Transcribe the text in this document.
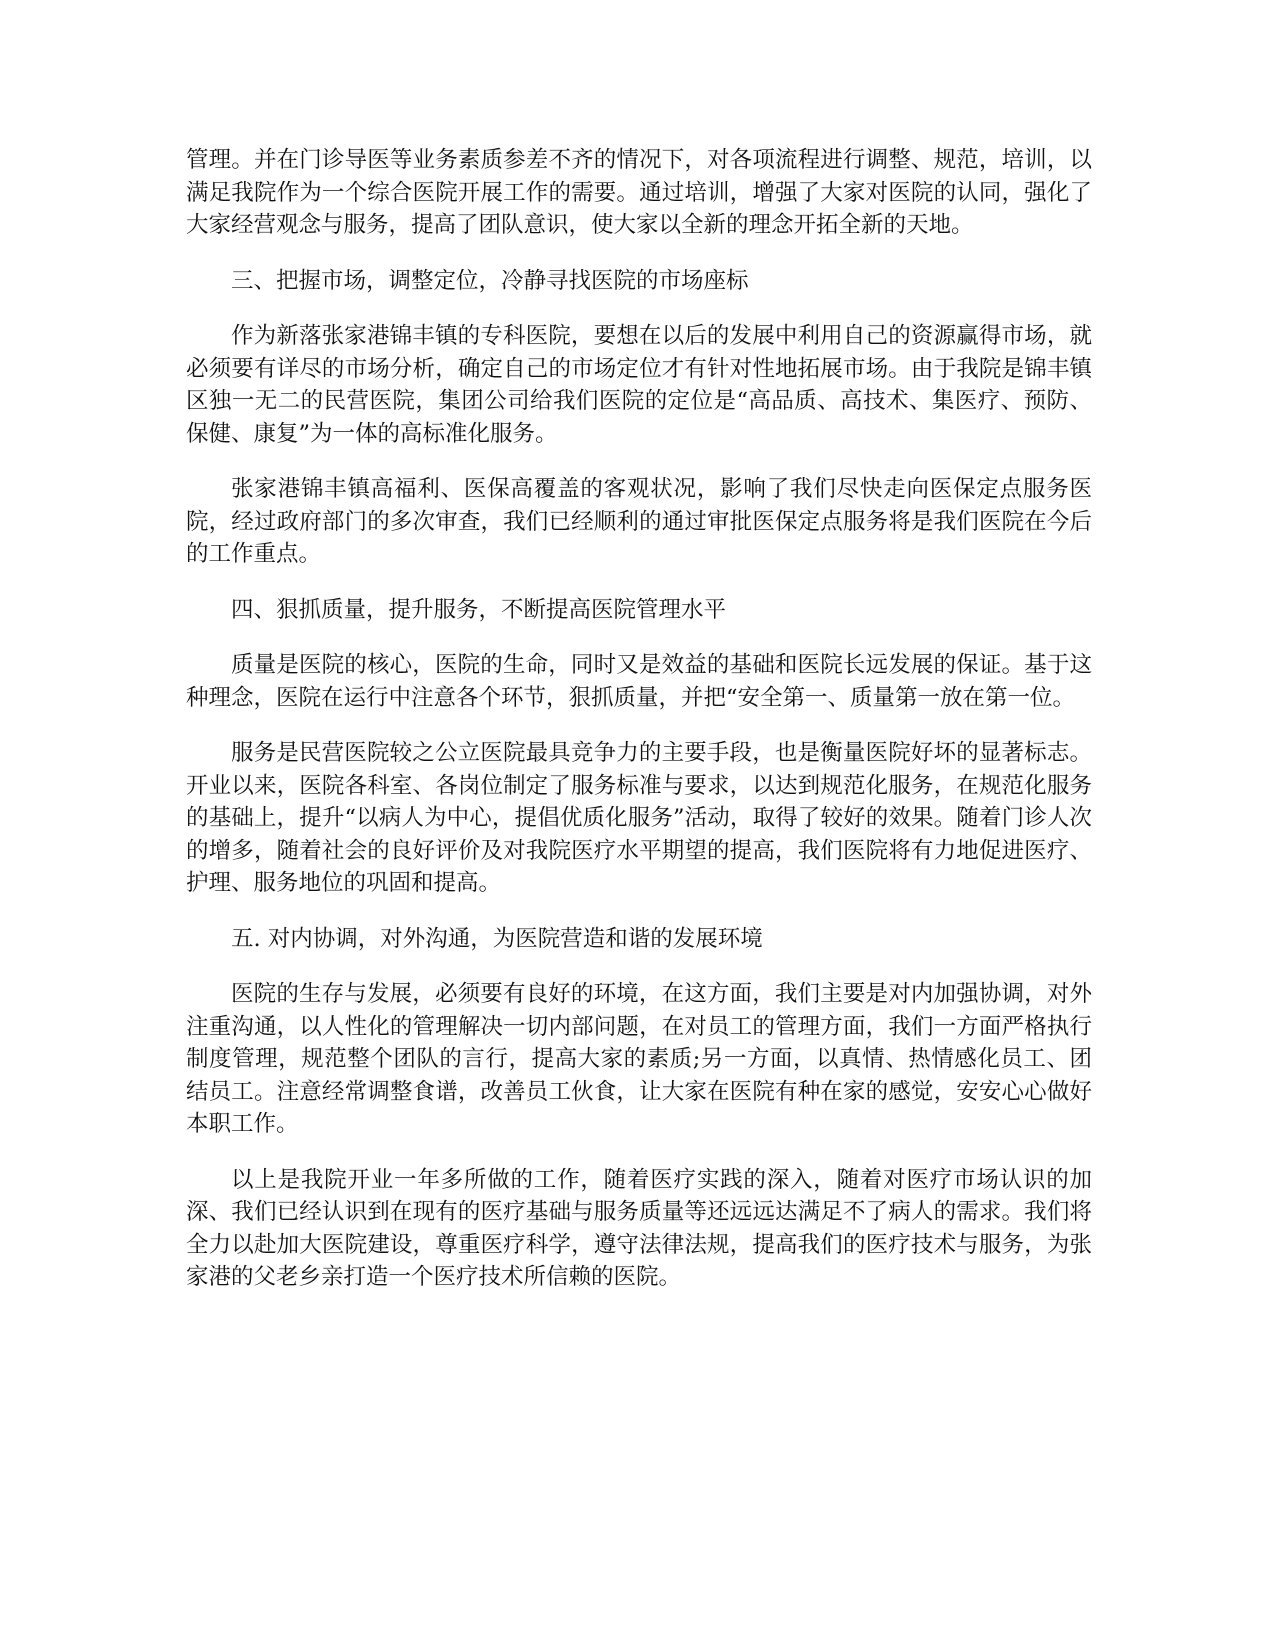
管理。并在门诊导医等业务素质参差不齐的情况下，对各项流程进行调整、规范，培训，以满足我院作为一个综合医院开展工作的需要。通过培训，增强了大家对医院的认同，强化了大家经营观念与服务，提高了团队意识，使大家以全新的理念开拓全新的天地。

三、把握市场，调整定位，冷静寻找医院的市场座标

作为新落张家港锦丰镇的专科医院，要想在以后的发展中利用自己的资源赢得市场，就必须要有详尽的市场分析，确定自己的市场定位才有针对性地拓展市场。由于我院是锦丰镇区独一无二的民营医院，集团公司给我们医院的定位是“高品质、高技术、集医疗、预防、保健、康复”为一体的高标准化服务。

张家港锦丰镇高福利、医保高覆盖的客观状况，影响了我们尽快走向医保定点服务医院，经过政府部门的多次审查，我们已经顺利的通过审批医保定点服务将是我们医院在今后的工作重点。

四、狠抓质量，提升服务，不断提高医院管理水平

质量是医院的核心，医院的生命，同时又是效益的基础和医院长远发展的保证。基于这种理念，医院在运行中注意各个环节，狠抓质量，并把“安全第一、质量第一放在第一位。

服务是民营医院较之公立医院最具竞争力的主要手段，也是衡量医院好坏的显著标志。开业以来，医院各科室、各岗位制定了服务标准与要求，以达到规范化服务，在规范化服务的基础上，提升“以病人为中心，提倡优质化服务”活动，取得了较好的效果。随着门诊人次的增多，随着社会的良好评价及对我院医疗水平期望的提高，我们医院将有力地促进医疗、护理、服务地位的巩固和提高。

五. 对内协调，对外沟通，为医院营造和谐的发展环境

医院的生存与发展，必须要有良好的环境，在这方面，我们主要是对内加强协调，对外注重沟通，以人性化的管理解决一切内部问题，在对员工的管理方面，我们一方面严格执行制度管理，规范整个团队的言行，提高大家的素质;另一方面，以真情、热情感化员工、团结员工。注意经常调整食谱，改善员工伙食，让大家在医院有种在家的感觉，安安心心做好本职工作。

以上是我院开业一年多所做的工作，随着医疗实践的深入，随着对医疗市场认识的加深、我们已经认识到在现有的医疗基础与服务质量等还远远达满足不了病人的需求。我们将全力以赴加大医院建设，尊重医疗科学，遵守法律法规，提高我们的医疗技术与服务，为张家港的父老乡亲打造一个医疗技术所信赖的医院。
